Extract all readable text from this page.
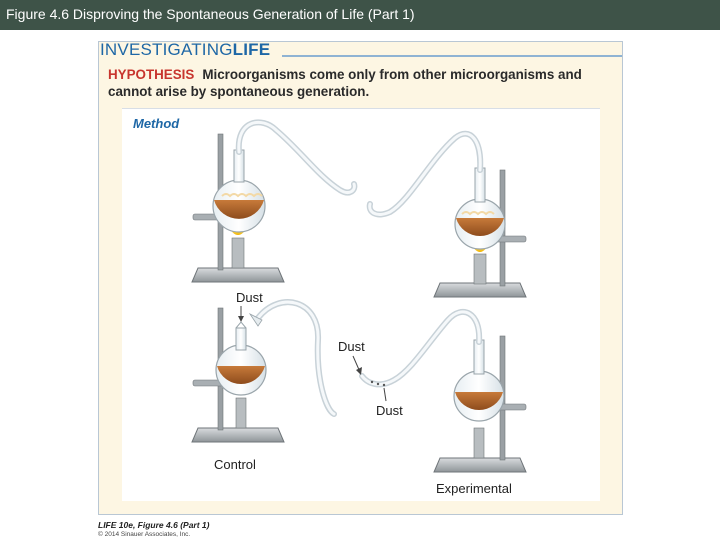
Figure 4.6 Disproving the Spontaneous Generation of Life (Part 1)
INVESTIGATINGLIFE
HYPOTHESIS Microorganisms come only from other microorganisms and cannot arise by spontaneous generation.
Method
Dust
Dust
Dust
Control
Experimental
LIFE 10e, Figure 4.6 (Part 1)
© 2014 Sinauer Associates, Inc.
